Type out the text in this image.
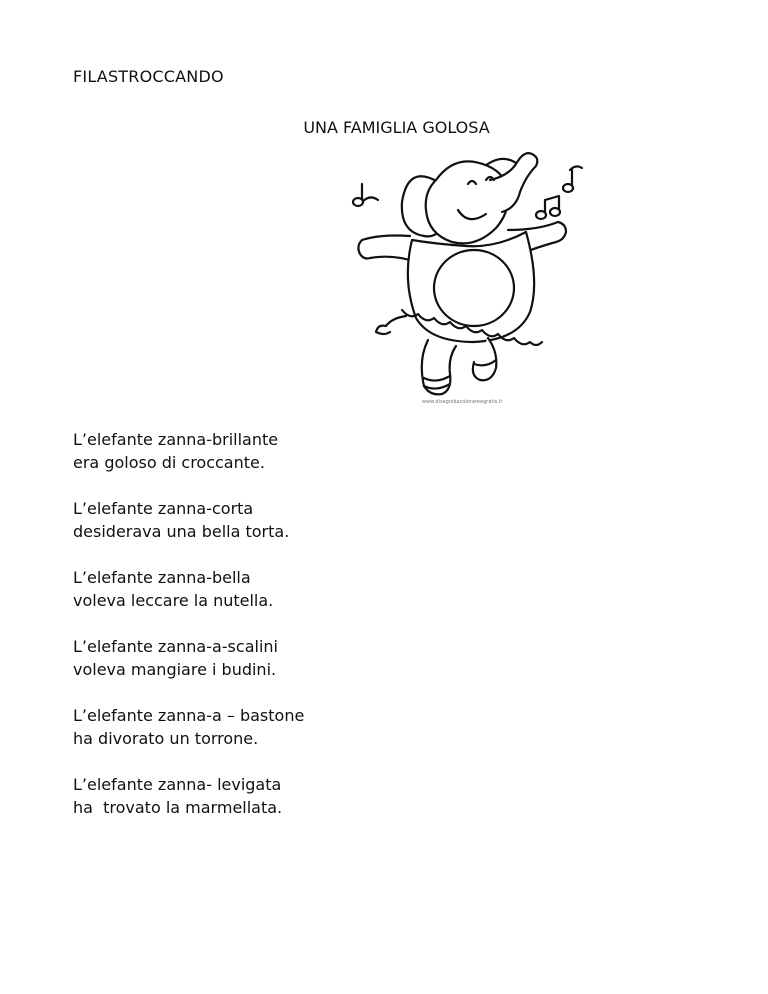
FILASTROCCANDO
UNA FAMIGLIA GOLOSA
www.disegnidacolorareegratis.it
L’elefante zanna-brillante
era goloso di croccante.
L’elefante zanna-corta
desiderava una bella torta.
L’elefante zanna-bella
voleva leccare la nutella.
L’elefante zanna-a-scalini
voleva mangiare i budini.
L’elefante zanna-a – bastone
ha divorato un torrone.
L’elefante zanna- levigata
ha  trovato la marmellata.
